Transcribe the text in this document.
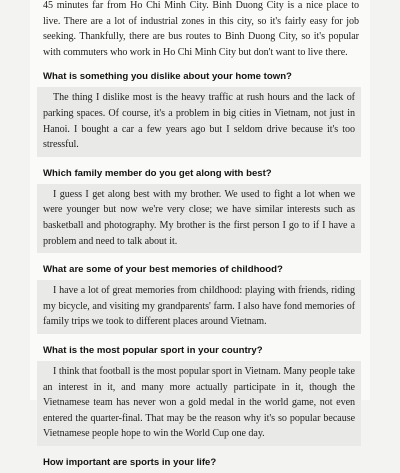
45 minutes far from Ho Chi Minh City. Binh Duong City is a nice place to live. There are a lot of industrial zones in this city, so it's fairly easy for job seeking. Thankfully, there are bus routes to Binh Duong City, so it's popular with commuters who work in Ho Chi Minh City but don't want to live there.

What is something you dislike about your home town?
The thing I dislike most is the heavy traffic at rush hours and the lack of parking spaces. Of course, it's a problem in big cities in Vietnam, not just in Hanoi. I bought a car a few years ago but I seldom drive because it's too stressful.
Which family member do you get along with best?
I guess I get along best with my brother. We used to fight a lot when we were younger but now we're very close; we have similar interests such as basketball and photography. My brother is the first person I go to if I have a problem and need to talk about it.
What are some of your best memories of childhood?
I have a lot of great memories from childhood: playing with friends, riding my bicycle, and visiting my grandparents' farm. I also have fond memories of family trips we took to different places around Vietnam.
What is the most popular sport in your country?
I think that football is the most popular sport in Vietnam. Many people take an interest in it, and many more actually participate in it, though the Vietnamese team has never won a gold medal in the world game, not even entered the quarter-final. That may be the reason why it's so popular because Vietnamese people hope to win the World Cup one day.
How important are sports in your life?
